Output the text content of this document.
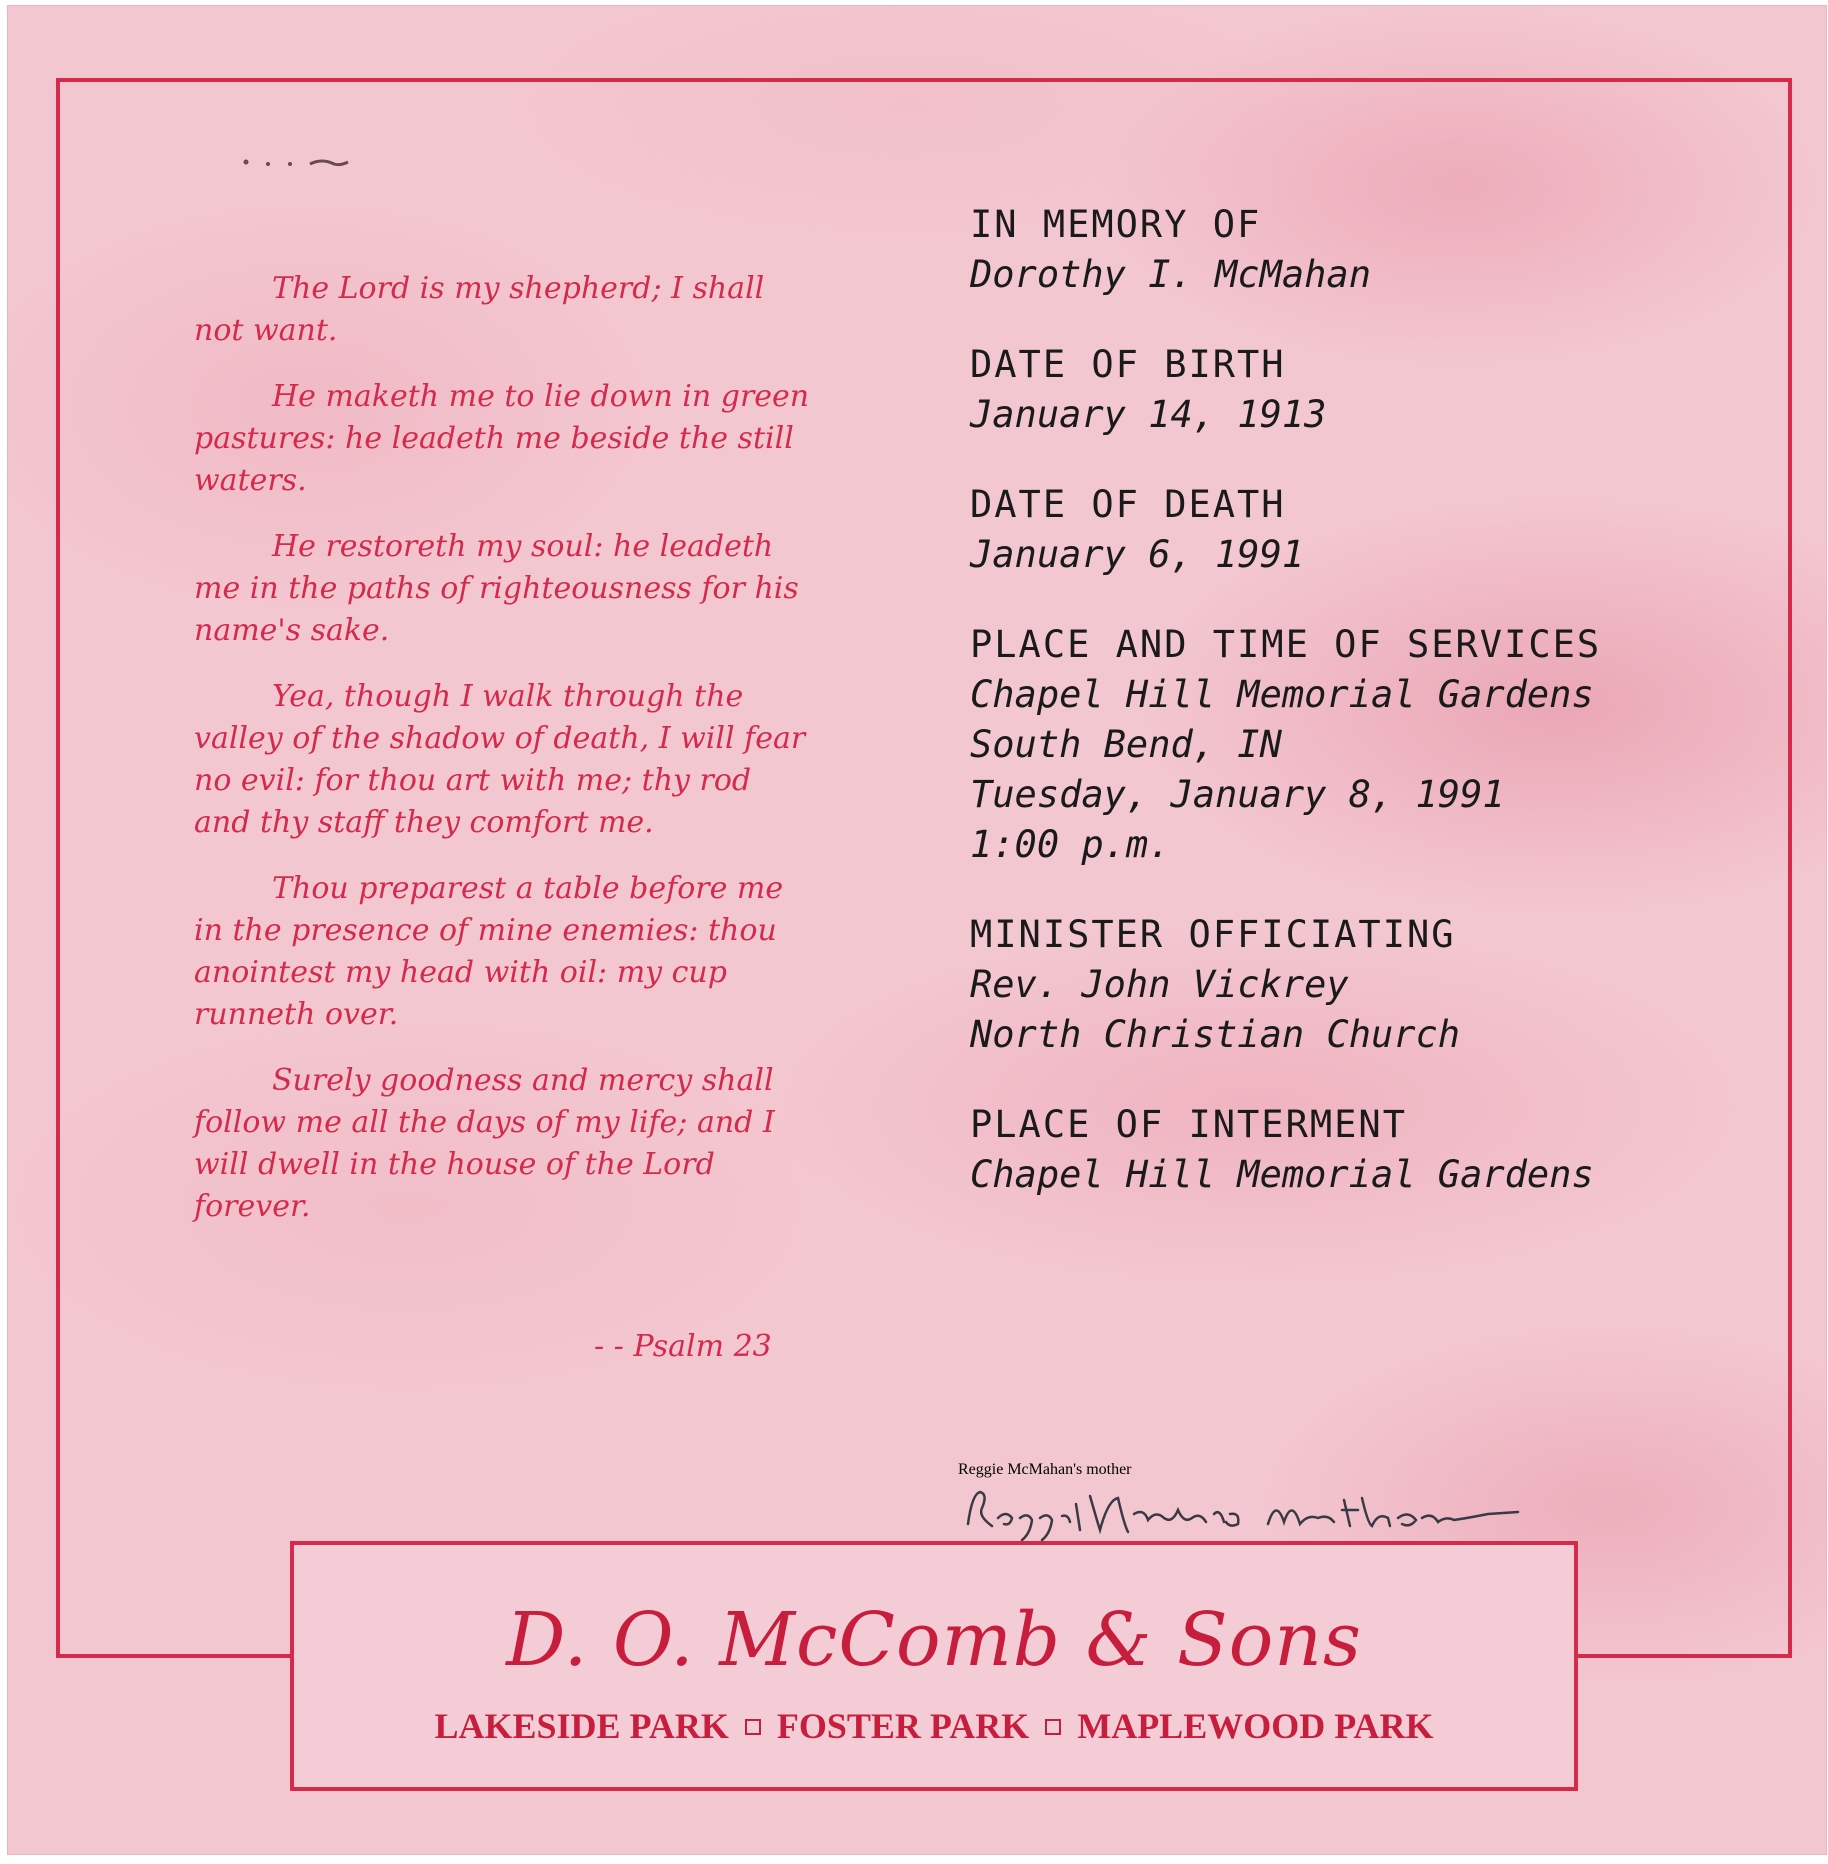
The Lord is my shepherd; I shall not want.

He maketh me to lie down in green pastures: he leadeth me beside the still waters.

He restoreth my soul: he leadeth me in the paths of righteousness for his name's sake.

Yea, though I walk through the valley of the shadow of death, I will fear no evil: for thou art with me; thy rod and thy staff they comfort me.

Thou preparest a table before me in the presence of mine enemies: thou anointest my head with oil: my cup runneth over.

Surely goodness and mercy shall follow me all the days of my life; and I will dwell in the house of the Lord forever.

- - Psalm 23
IN MEMORY OF
Dorothy I. McMahan
DATE OF BIRTH
January 14, 1913
DATE OF DEATH
January 6, 1991
PLACE AND TIME OF SERVICES
Chapel Hill Memorial Gardens
South Bend, IN
Tuesday, January 8, 1991
1:00 p.m.
MINISTER OFFICIATING
Rev. John Vickrey
North Christian Church
PLACE OF INTERMENT
Chapel Hill Memorial Gardens
Reggie McMahan's mother
D. O. McComb & Sons
LAKESIDE PARK FOSTER PARK MAPLEWOOD PARK
